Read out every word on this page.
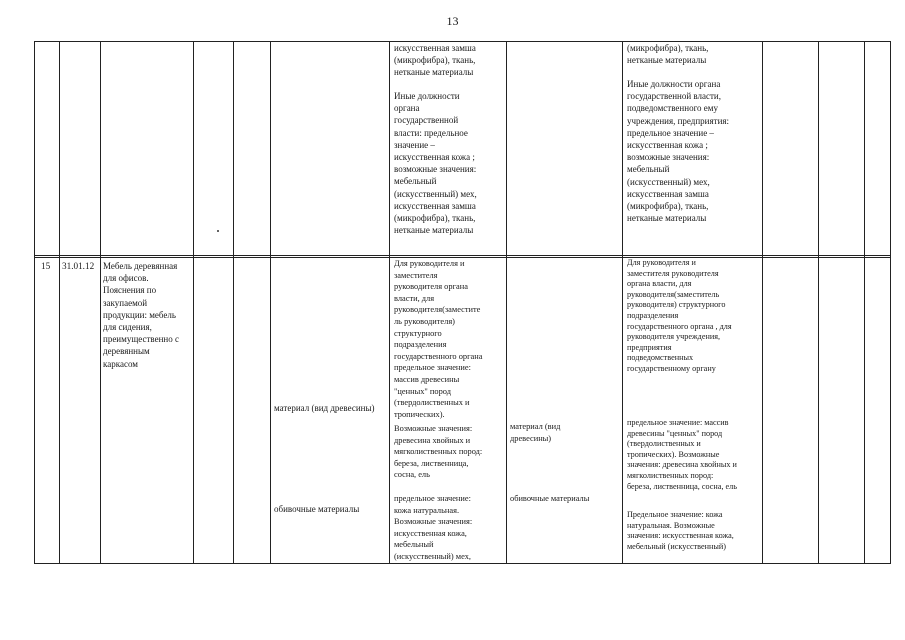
13
искусственная замша
(микрофибра), ткань,
нетканые материалы
Иные должности
органа
государственной
власти: предельное
значение –
искусственная кожа ;
возможные значения:
мебельный
(искусственный) мех,
искусственная замша
(микрофибра), ткань,
нетканые материалы
(микрофибра), ткань,
нетканые материалы
Иные должности органа
государственной власти,
подведомственного ему
учреждения, предприятия:
предельное значение –
искусственная кожа ;
возможные значения:
мебельный
(искусственный) мех,
искусственная замша
(микрофибра), ткань,
нетканые материалы
15	31.01.12 Мебель деревянная
для офисов.
Пояснения по
закупаемой
продукции: мебель
для сидения,
преимущественно с
деревянным
каркасом
материал (вид древесины)
обивочные материалы
Для руководителя и
заместителя
руководителя органа
власти, для
руководителя(заместите
ль руководителя)
структурного
подразделения
государственного органа
предельное значение:
массив древесины
"ценных" пород
(твердолиственных и
тропических).
Возможные значения:
древесина хвойных и
мягколиственных пород:
береза, лиственница,
сосна, ель
предельное значение:
кожа натуральная.
Возможные значения:
искусственная кожа,
мебельный
(искусственный) мех,
материал (вид
древесины)
обивочные материалы
Для руководителя и
заместителя руководителя
органа власти, для
руководителя(заместитель
руководителя) структурного
подразделения
государственного органа , для
руководителя учреждения,
предприятия
подведомственных
государственному органу
предельное значение: массив
древесины "ценных" пород
(твердолиственных и
тропических). Возможные
значения: древесина хвойных и
мягколиственных пород:
береза, лиственница, сосна, ель
Предельное значение: кожа
натуральная. Возможные
значения: искусственная кожа,
мебельный (искусственный)
